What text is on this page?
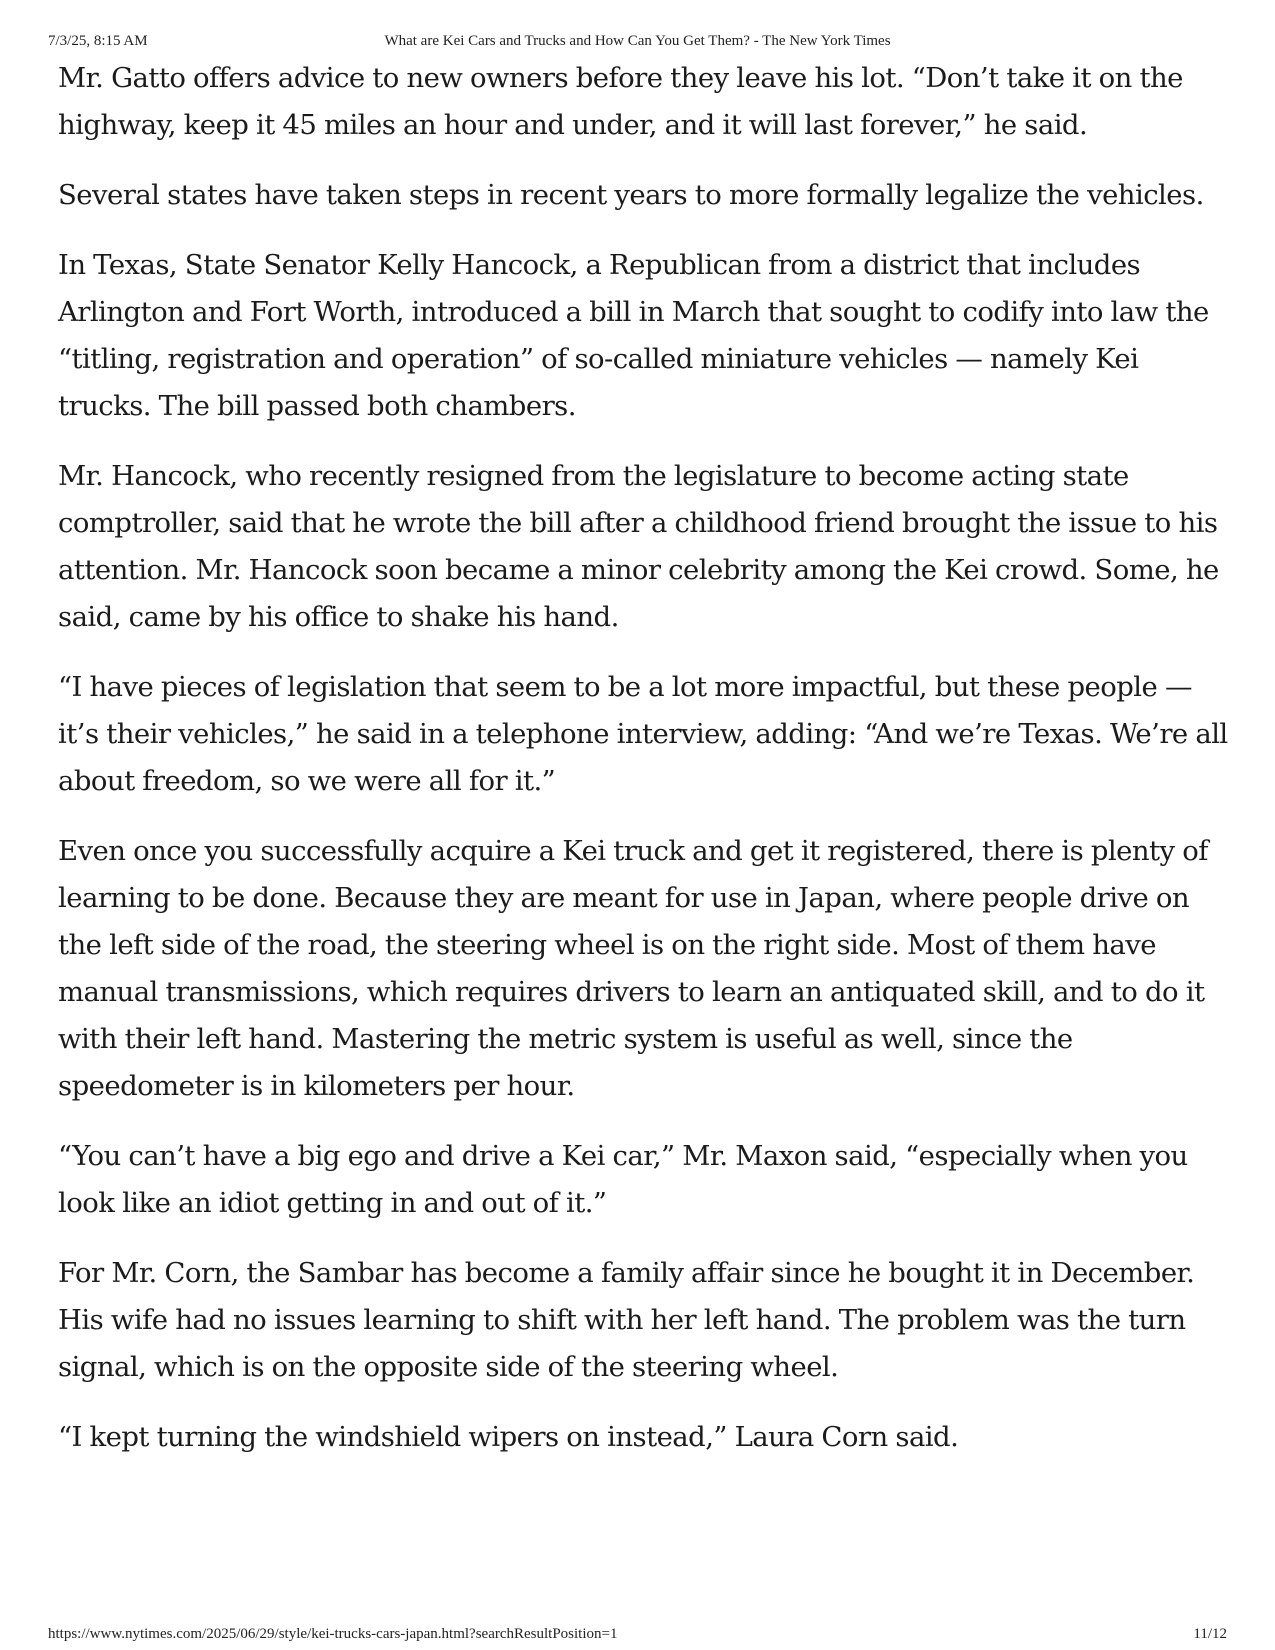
7/3/25, 8:15 AM	What are Kei Cars and Trucks and How Can You Get Them? - The New York Times

Mr. Gatto offers advice to new owners before they leave his lot. “Don’t take it on the highway, keep it 45 miles an hour and under, and it will last forever,” he said.

Several states have taken steps in recent years to more formally legalize the vehicles.

In Texas, State Senator Kelly Hancock, a Republican from a district that includes Arlington and Fort Worth, introduced a bill in March that sought to codify into law the “titling, registration and operation” of so-called miniature vehicles — namely Kei trucks. The bill passed both chambers.

Mr. Hancock, who recently resigned from the legislature to become acting state comptroller, said that he wrote the bill after a childhood friend brought the issue to his attention. Mr. Hancock soon became a minor celebrity among the Kei crowd. Some, he said, came by his office to shake his hand.

“I have pieces of legislation that seem to be a lot more impactful, but these people — it’s their vehicles,” he said in a telephone interview, adding: “And we’re Texas. We’re all about freedom, so we were all for it.”

Even once you successfully acquire a Kei truck and get it registered, there is plenty of learning to be done. Because they are meant for use in Japan, where people drive on the left side of the road, the steering wheel is on the right side. Most of them have manual transmissions, which requires drivers to learn an antiquated skill, and to do it with their left hand. Mastering the metric system is useful as well, since the speedometer is in kilometers per hour.

“You can’t have a big ego and drive a Kei car,” Mr. Maxon said, “especially when you look like an idiot getting in and out of it.”

For Mr. Corn, the Sambar has become a family affair since he bought it in December. His wife had no issues learning to shift with her left hand. The problem was the turn signal, which is on the opposite side of the steering wheel.

“I kept turning the windshield wipers on instead,” Laura Corn said.

https://www.nytimes.com/2025/06/29/style/kei-trucks-cars-japan.html?searchResultPosition=1	11/12
